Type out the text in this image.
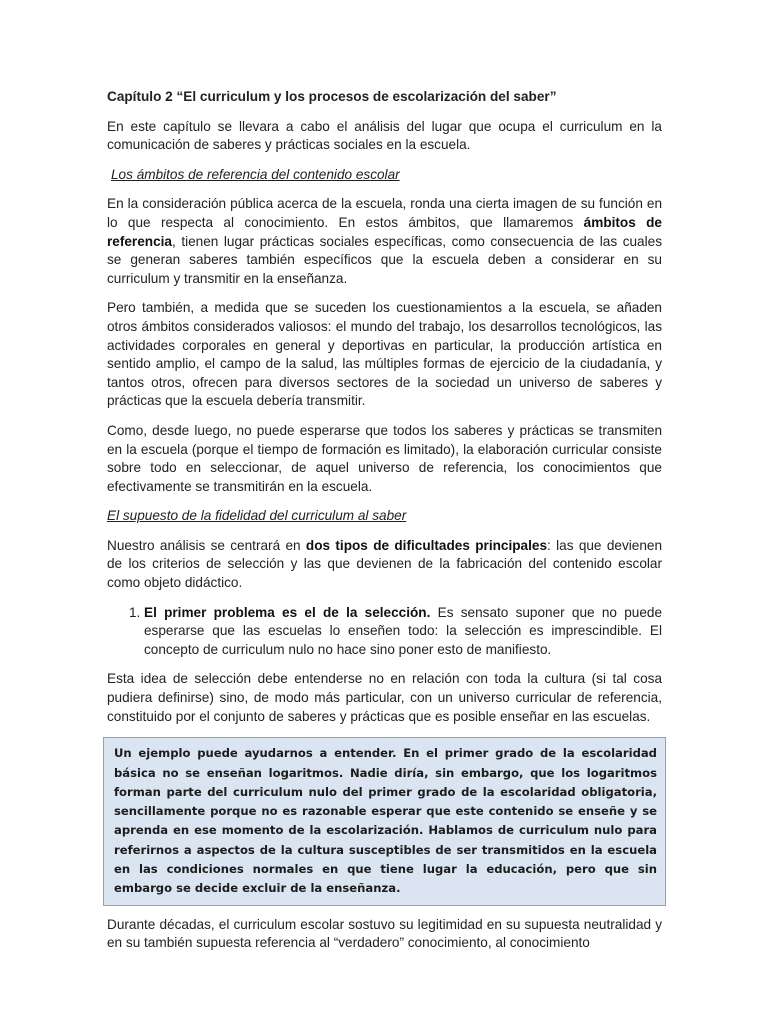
Capítulo 2 “El curriculum y los procesos de escolarización del saber”

En este capítulo se llevara a cabo el análisis del lugar que ocupa el curriculum en la comunicación de saberes y prácticas sociales en la escuela.

Los ámbitos de referencia del contenido escolar

En la consideración pública acerca de la escuela, ronda una cierta imagen de su función en lo que respecta al conocimiento. En estos ámbitos, que llamaremos ámbitos de referencia, tienen lugar prácticas sociales específicas, como consecuencia de las cuales se generan saberes también específicos que la escuela deben a considerar en su curriculum y transmitir en la enseñanza.

Pero también, a medida que se suceden los cuestionamientos a la escuela, se añaden otros ámbitos considerados valiosos: el mundo del trabajo, los desarrollos tecnológicos, las actividades corporales en general y deportivas en particular, la producción artística en sentido amplio, el campo de la salud, las múltiples formas de ejercicio de la ciudadanía, y tantos otros, ofrecen para diversos sectores de la sociedad un universo de saberes y prácticas que la escuela debería transmitir.

Como, desde luego, no puede esperarse que todos los saberes y prácticas se transmiten en la escuela (porque el tiempo de formación es limitado), la elaboración curricular consiste sobre todo en seleccionar, de aquel universo de referencia, los conocimientos que efectivamente se transmitirán en la escuela.

El supuesto de la fidelidad del curriculum al saber

Nuestro análisis se centrará en dos tipos de dificultades principales: las que devienen de los criterios de selección y las que devienen de la fabricación del contenido escolar como objeto didáctico.

1. El primer problema es el de la selección. Es sensato suponer que no puede esperarse que las escuelas lo enseñen todo: la selección es imprescindible. El concepto de curriculum nulo no hace sino poner esto de manifiesto.

Esta idea de selección debe entenderse no en relación con toda la cultura (si tal cosa pudiera definirse) sino, de modo más particular, con un universo curricular de referencia, constituido por el conjunto de saberes y prácticas que es posible enseñar en las escuelas.

Un ejemplo puede ayudarnos a entender. En el primer grado de la escolaridad básica no se enseñan logaritmos. Nadie diría, sin embargo, que los logaritmos forman parte del curriculum nulo del primer grado de la escolaridad obligatoria, sencillamente porque no es razonable esperar que este contenido se enseñe y se aprenda en ese momento de la escolarización. Hablamos de curriculum nulo para referirnos a aspectos de la cultura susceptibles de ser transmitidos en la escuela en las condiciones normales en que tiene lugar la educación, pero que sin embargo se decide excluir de la enseñanza.

Durante décadas, el curriculum escolar sostuvo su legitimidad en su supuesta neutralidad y en su también supuesta referencia al “verdadero” conocimiento, al conocimiento
